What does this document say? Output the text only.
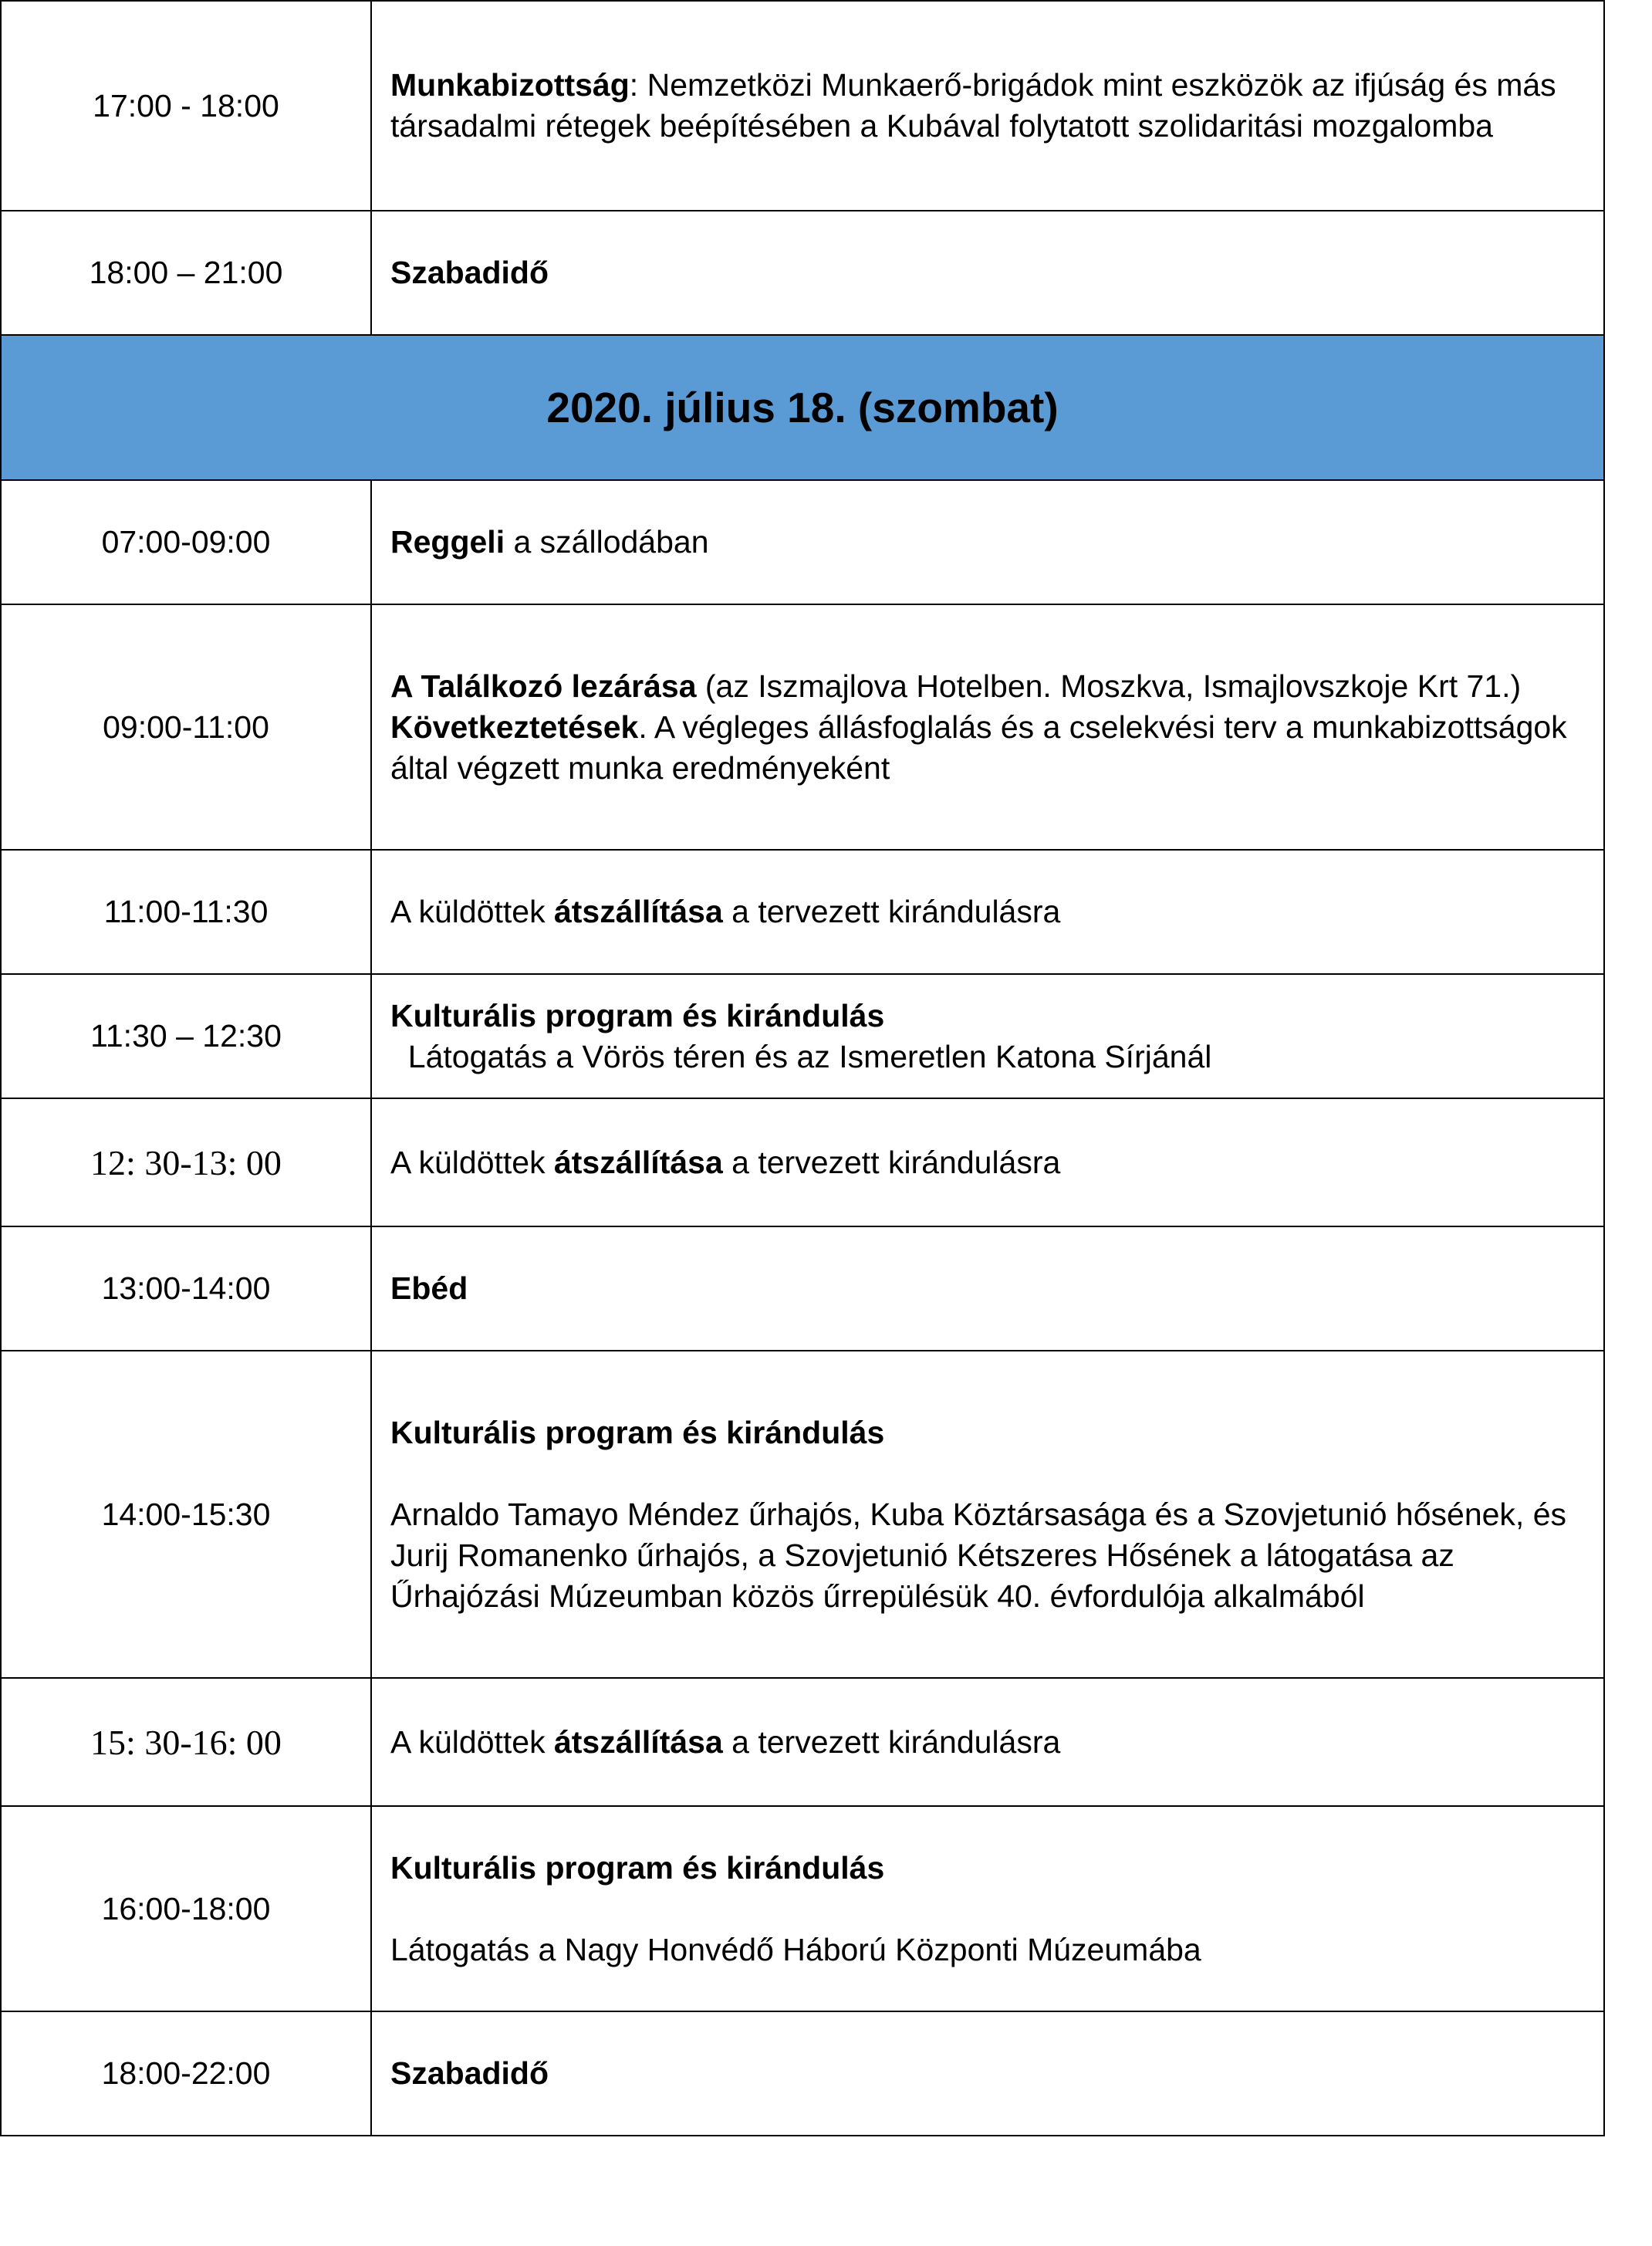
17:00 - 18:00	Munkabizottság: Nemzetközi Munkaerő-brigádok mint eszközök az ifjúság és más társadalmi rétegek beépítésében a Kubával folytatott szolidaritási mozgalomba

18:00 – 21:00	Szabadidő

2020. július 18. (szombat)	
07:00-09:00	Reggeli a szállodában

09:00-11:00	A Találkozó lezárása (az Iszmajlova Hotelben. Moszkva, Ismajlovszkoje Krt 71.)
Következtetések. A végleges állásfoglalás és a cselekvési terv a munkabizottságok által végzett munka eredményeként

11:00-11:30	A küldöttek átszállítása a tervezett kirándulásra

11:30 – 12:30	Kulturális program és kirándulás
Látogatás a Vörös téren és az Ismeretlen Katona Sírjánál

12: 30-13: 00	A küldöttek átszállítása a tervezett kirándulásra

13:00-14:00	Ebéd

14:00-15:30	Kulturális program és kirándulás

Arnaldo Tamayo Méndez űrhajós, Kuba Köztársasága és a Szovjetunió hősének, és Jurij Romanenko űrhajós, a Szovjetunió Kétszeres Hősének a látogatása az Űrhajózási Múzeumban közös űrrepülésük 40. évfordulója alkalmából

15: 30-16: 00	A küldöttek átszállítása a tervezett kirándulásra

16:00-18:00	Kulturális program és kirándulás

Látogatás a Nagy Honvédő Háború Központi Múzeumába

18:00-22:00	Szabadidő
